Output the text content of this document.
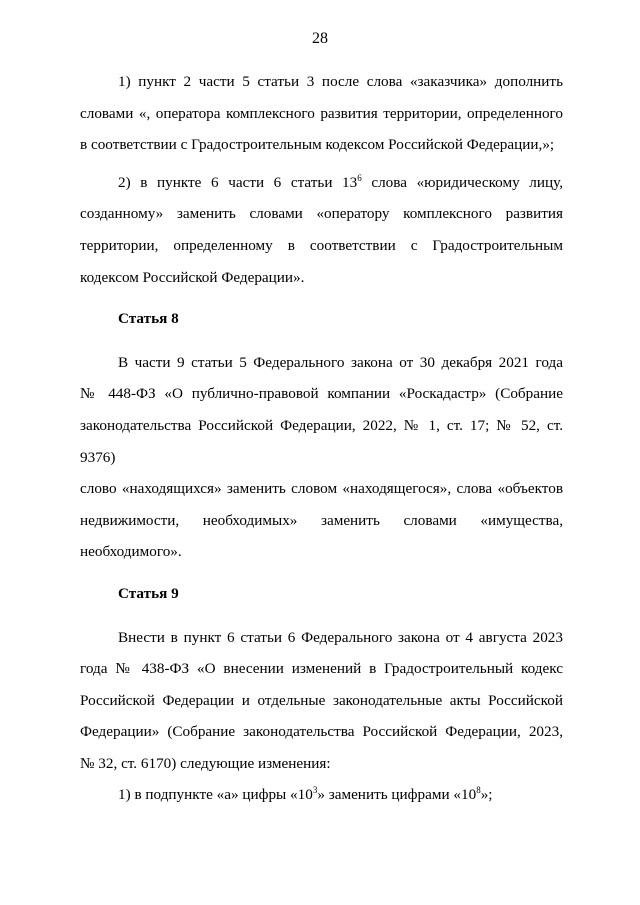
28
1) пункт 2 части 5 статьи 3 после слова «заказчика» дополнить
словами «, оператора комплексного развития территории, определенного
в соответствии с Градостроительным кодексом Российской Федерации,»;
2) в пункте 6 части 6 статьи $13^6$ слова «юридическому лицу,
созданному» заменить словами «оператору комплексного развития
территории, определенному в соответствии с Градостроительным
кодексом Российской Федерации».
Статья 8
В части 9 статьи 5 Федерального закона от 30 декабря 2021 года
№ 448-ФЗ «О публично-правовой компании «Роскадастр» (Собрание
законодательства Российской Федерации, 2022, № 1, ст. 17; № 52, ст. 9376)
слово «находящихся» заменить словом «находящегося», слова «объектов
недвижимости, необходимых» заменить словами «имущества,
необходимого».
Статья 9
Внести в пункт 6 статьи 6 Федерального закона от 4 августа 2023
года № 438-ФЗ «О внесении изменений в Градостроительный кодекс
Российской Федерации и отдельные законодательные акты Российской
Федерации» (Собрание законодательства Российской Федерации, 2023,
№ 32, ст. 6170) следующие изменения:
1) в подпункте «а» цифры «$10^3$» заменить цифрами «$10^8$»;
